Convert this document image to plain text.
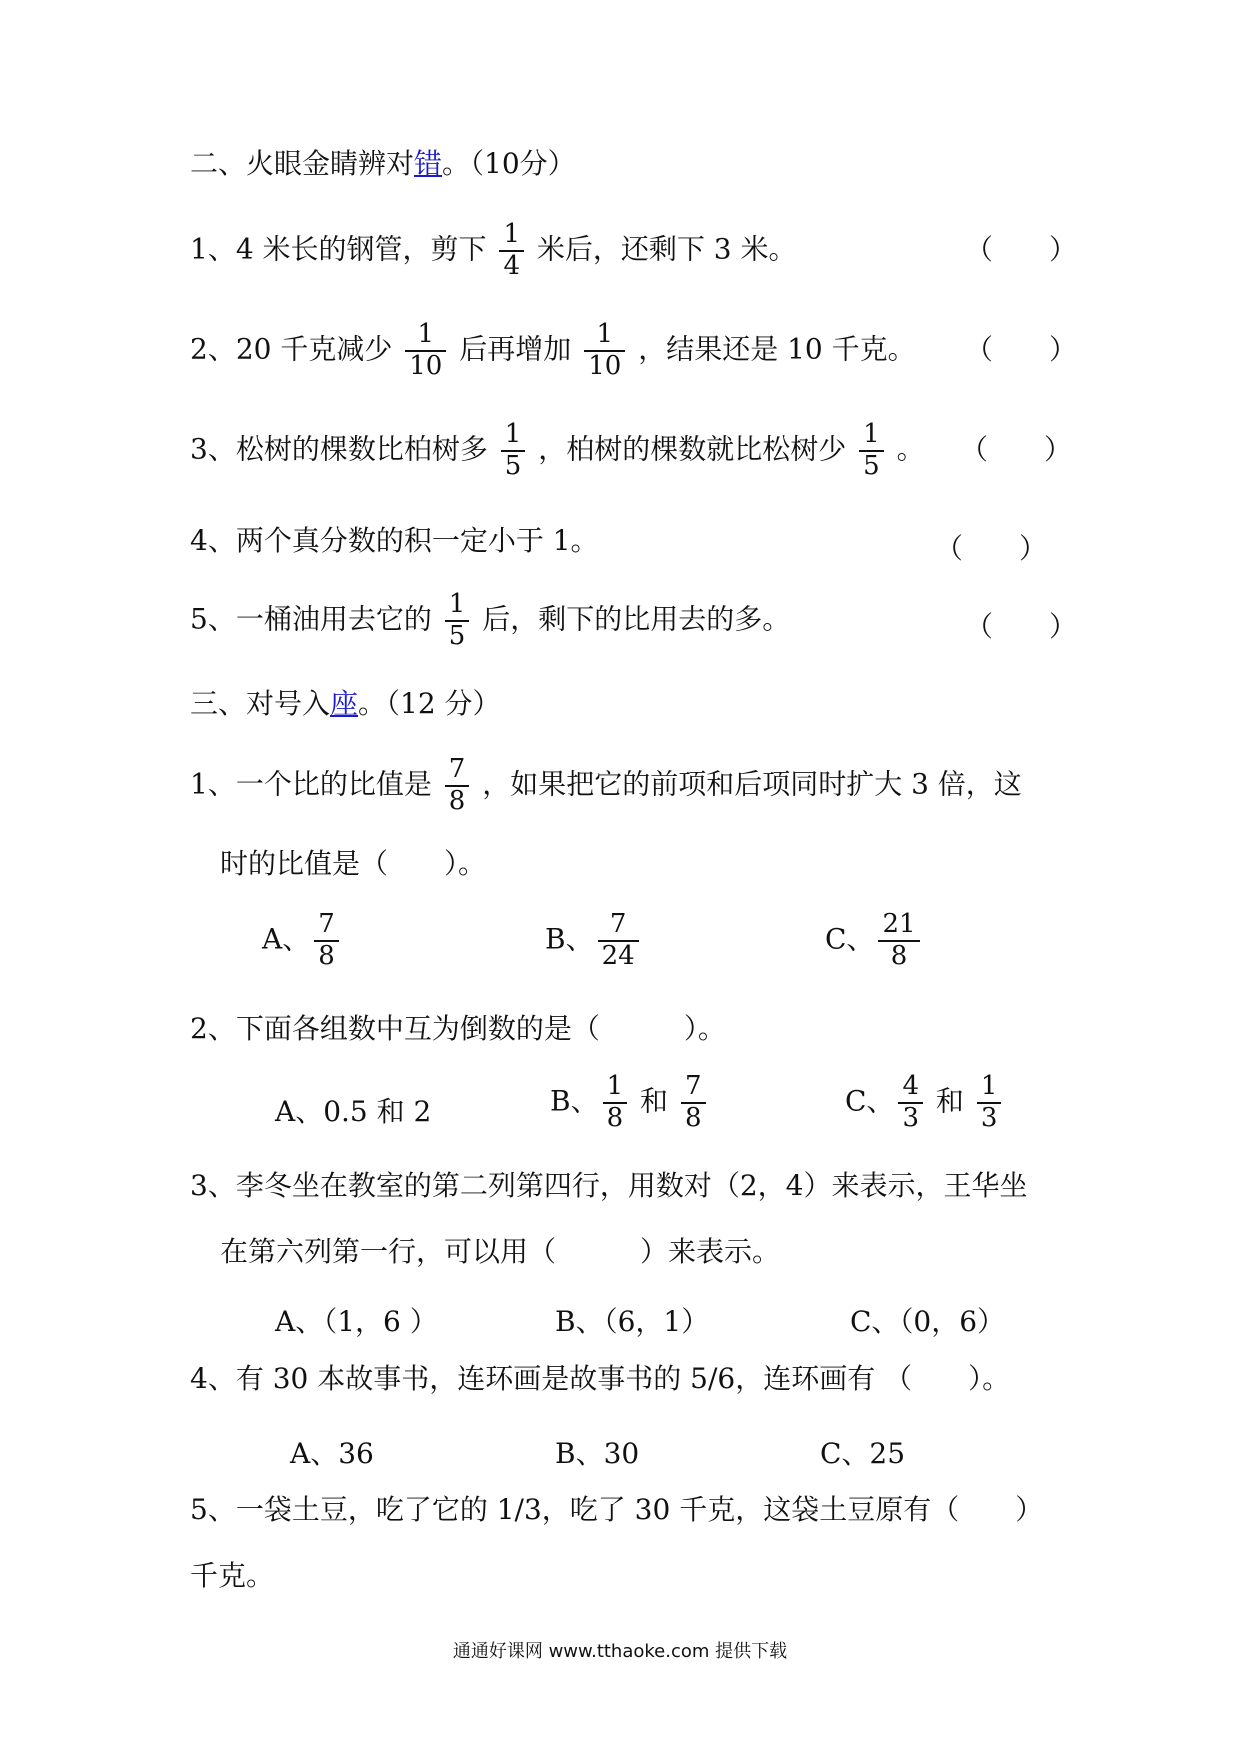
二、火眼金睛辨对错。（10分）
1、4 米长的钢管，剪下 $\frac{1}{4}$ 米后，还剩下 3 米。	（　　）
2、20 千克减少 $\frac{1}{10}$ 后再增加 $\frac{1}{10}$ ，结果还是 10 千克。 （　　）
3、松树的棵数比柏树多 $\frac{1}{5}$ ，柏树的棵数就比松树少 $\frac{1}{5}$ 。 （　　）
4、两个真分数的积一定小于 1。	（　　）
5、一桶油用去它的 $\frac{1}{5}$ 后，剩下的比用去的多。	（　　）
三、对号入座。（12 分）
1、一个比的比值是 $\frac{7}{8}$ ，如果把它的前项和后项同时扩大 3 倍，这
时的比值是（　　）。
A、 $\frac{7}{8}$	B、 $\frac{7}{24}$	C、 $\frac{21}{8}$
2、下面各组数中互为倒数的是（　　　）。
A、0.5 和 2	B、 $\frac{1}{8}$ 和 $\frac{7}{8}$	C、 $\frac{4}{3}$ 和 $\frac{1}{3}$
3、李冬坐在教室的第二列第四行，用数对（2，4）来表示，王华坐
在第六列第一行，可以用（　　　）来表示。
A、（1，6 ）	B、（6，1）	C、（0，6）
4、有 30 本故事书，连环画是故事书的 5/6，连环画有 （　　）。
A、36	B、30	C、25
5、一袋土豆，吃了它的 1/3，吃了 30 千克，这袋土豆原有（　　）
千克。
通通好课网 www.tthaoke.com 提供下载
